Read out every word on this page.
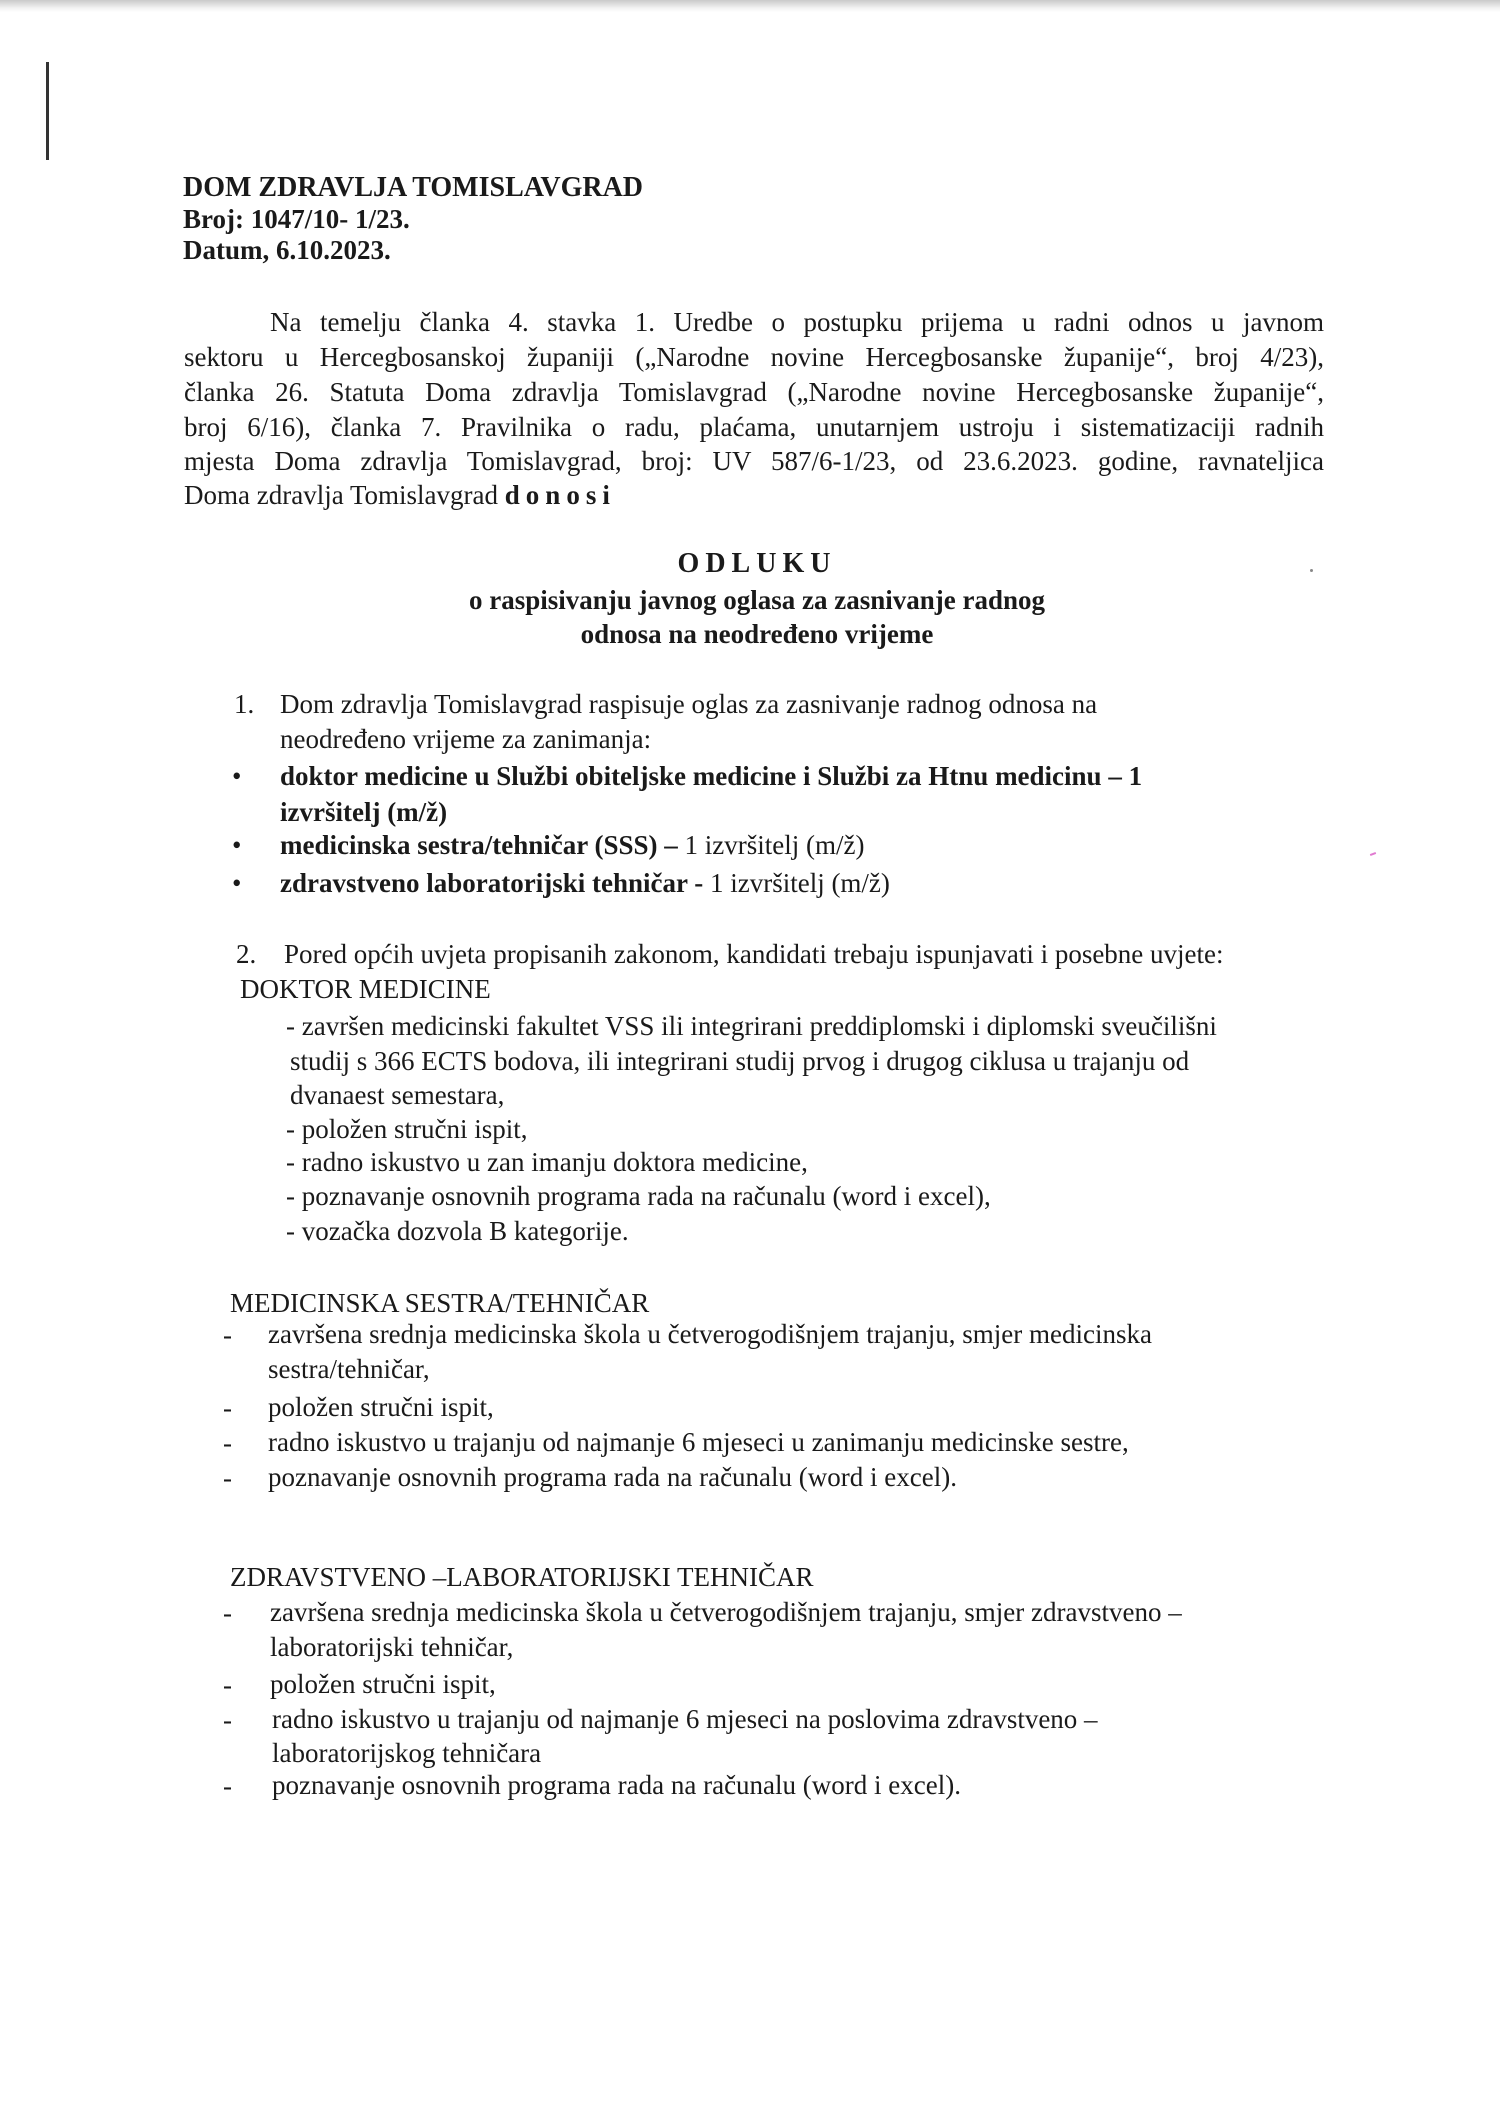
DOM ZDRAVLJA TOMISLAVGRAD
Broj: 1047/10- 1/23.
Datum, 6.10.2023.
Na temelju članka 4. stavka 1. Uredbe o postupku prijema u radni odnos u javnom
sektoru u Hercegbosanskoj županiji („Narodne novine Hercegbosanske županije“, broj 4/23),
članka 26. Statuta Doma zdravlja Tomislavgrad („Narodne novine Hercegbosanske županije“,
broj 6/16), članka 7. Pravilnika o radu, plaćama, unutarnjem ustroju i sistematizaciji radnih
mjesta Doma zdravlja Tomislavgrad, broj: UV 587/6-1/23, od 23.6.2023. godine, ravnateljica
Doma zdravlja Tomislavgrad donosi
ODLUKU
o raspisivanju javnog oglasa za zasnivanje radnog
odnosa na neodređeno vrijeme
1. Dom zdravlja Tomislavgrad raspisuje oglas za zasnivanje radnog odnosa na
neodređeno vrijeme za zanimanja:
• doktor medicine u Službi obiteljske medicine i Službi za Htnu medicinu – 1
izvršitelj (m/ž)
• medicinska sestra/tehničar (SSS) – 1 izvršitelj (m/ž)
• zdravstveno laboratorijski tehničar - 1 izvršitelj (m/ž)
2. Pored općih uvjeta propisanih zakonom, kandidati trebaju ispunjavati i posebne uvjete:
DOKTOR MEDICINE
- završen medicinski fakultet VSS ili integrirani preddiplomski i diplomski sveučilišni
studij s 366 ECTS bodova, ili integrirani studij prvog i drugog ciklusa u trajanju od
dvanaest semestara,
- položen stručni ispit,
- radno iskustvo u zan imanju doktora medicine,
- poznavanje osnovnih programa rada na računalu (word i excel),
- vozačka dozvola B kategorije.
MEDICINSKA SESTRA/TEHNIČAR
- završena srednja medicinska škola u četverogodišnjem trajanju, smjer medicinska
sestra/tehničar,
- položen stručni ispit,
- radno iskustvo u trajanju od najmanje 6 mjeseci u zanimanju medicinske sestre,
- poznavanje osnovnih programa rada na računalu (word i excel).
ZDRAVSTVENO –LABORATORIJSKI TEHNIČAR
- završena srednja medicinska škola u četverogodišnjem trajanju, smjer zdravstveno –
laboratorijski tehničar,
- položen stručni ispit,
- radno iskustvo u trajanju od najmanje 6 mjeseci na poslovima zdravstveno –
laboratorijskog tehničara
- poznavanje osnovnih programa rada na računalu (word i excel).
